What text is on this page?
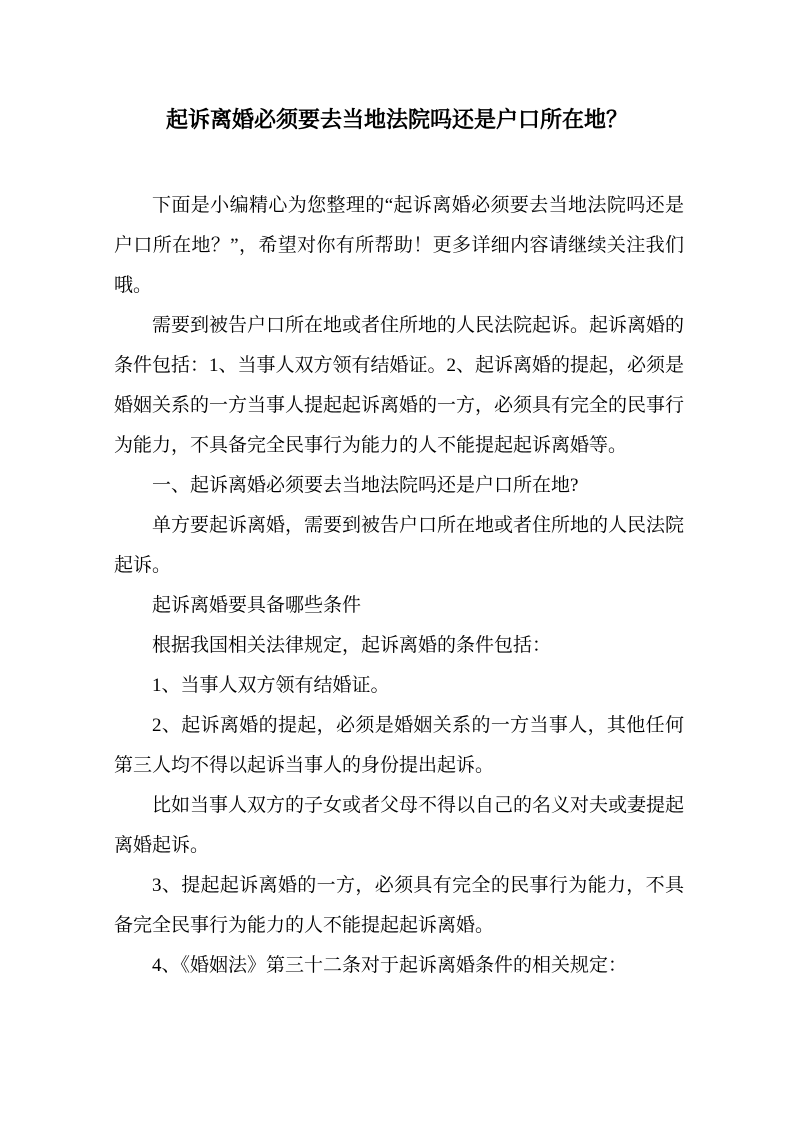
起诉离婚必须要去当地法院吗还是户口所在地？

下面是小编精心为您整理的“起诉离婚必须要去当地法院吗还是户口所在地？”，希望对你有所帮助！更多详细内容请继续关注我们哦。

需要到被告户口所在地或者住所地的人民法院起诉。起诉离婚的条件包括：1、当事人双方领有结婚证。2、起诉离婚的提起，必须是婚姻关系的一方当事人提起起诉离婚的一方，必须具有完全的民事行为能力，不具备完全民事行为能力的人不能提起起诉离婚等。

一、起诉离婚必须要去当地法院吗还是户口所在地?

单方要起诉离婚，需要到被告户口所在地或者住所地的人民法院起诉。

起诉离婚要具备哪些条件

根据我国相关法律规定，起诉离婚的条件包括：

1、当事人双方领有结婚证。

2、起诉离婚的提起，必须是婚姻关系的一方当事人，其他任何第三人均不得以起诉当事人的身份提出起诉。

比如当事人双方的子女或者父母不得以自己的名义对夫或妻提起离婚起诉。

3、提起起诉离婚的一方，必须具有完全的民事行为能力，不具备完全民事行为能力的人不能提起起诉离婚。

4、《婚姻法》第三十二条对于起诉离婚条件的相关规定：
